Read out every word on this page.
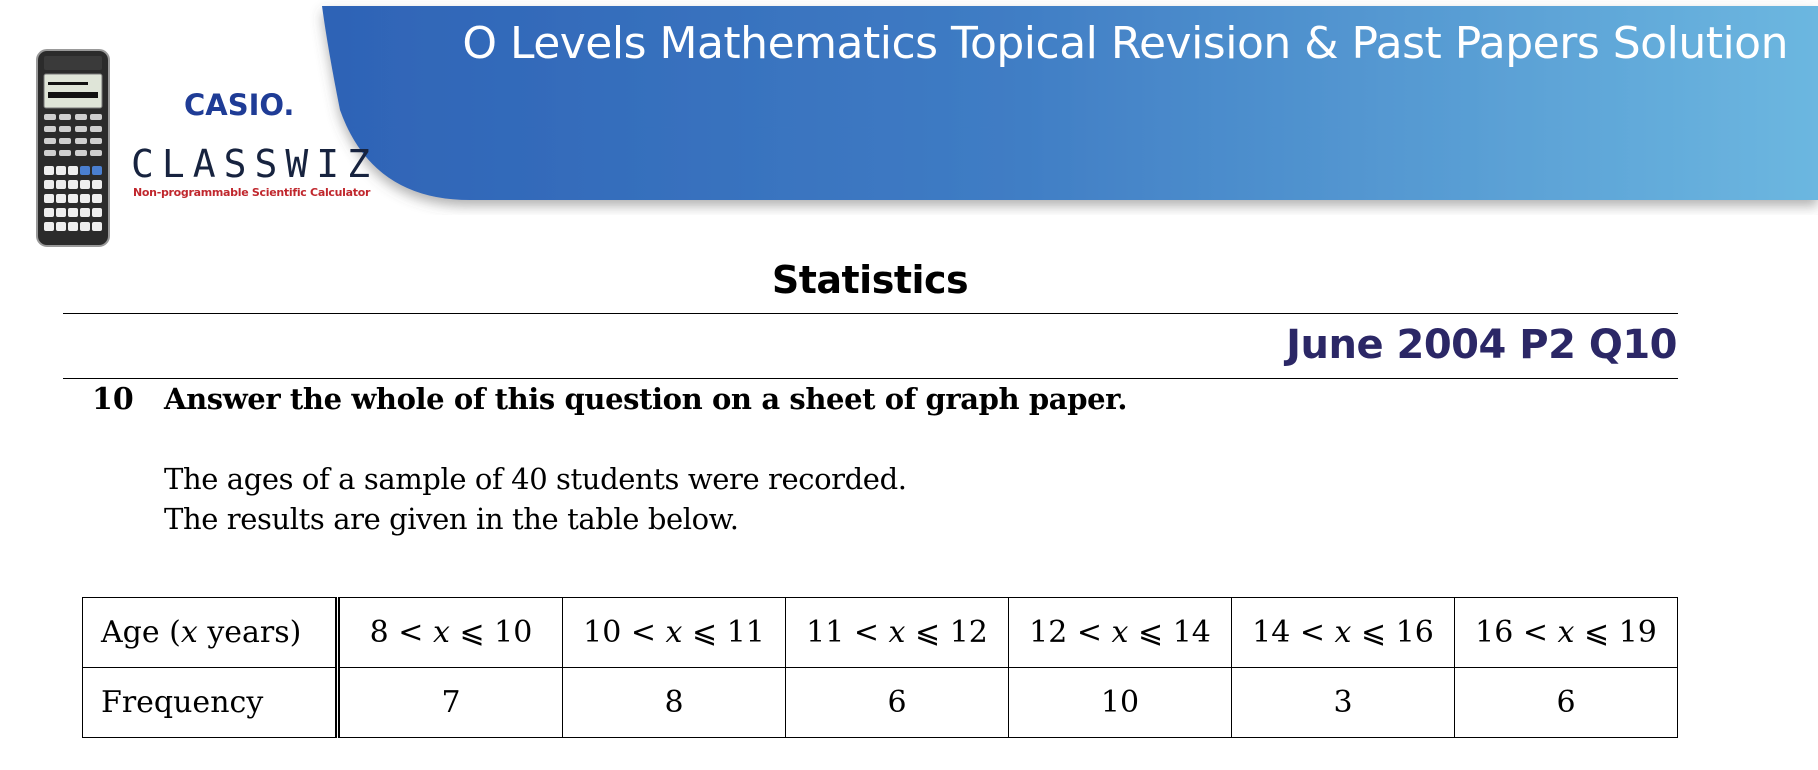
O Levels Mathematics Topical Revision & Past Papers Solution
CASIO.
CLASSWIZ
Non-programmable Scientific Calculator
Statistics
June 2004 P2 Q10
10 Answer the whole of this question on a sheet of graph paper.
The ages of a sample of 40 students were recorded.
The results are given in the table below.
Age (x years)	8 < x ⩽ 10	10 < x ⩽ 11	11 < x ⩽ 12	12 < x ⩽ 14	14 < x ⩽ 16	16 < x ⩽ 19
Frequency	7	8	6	10	3	6
